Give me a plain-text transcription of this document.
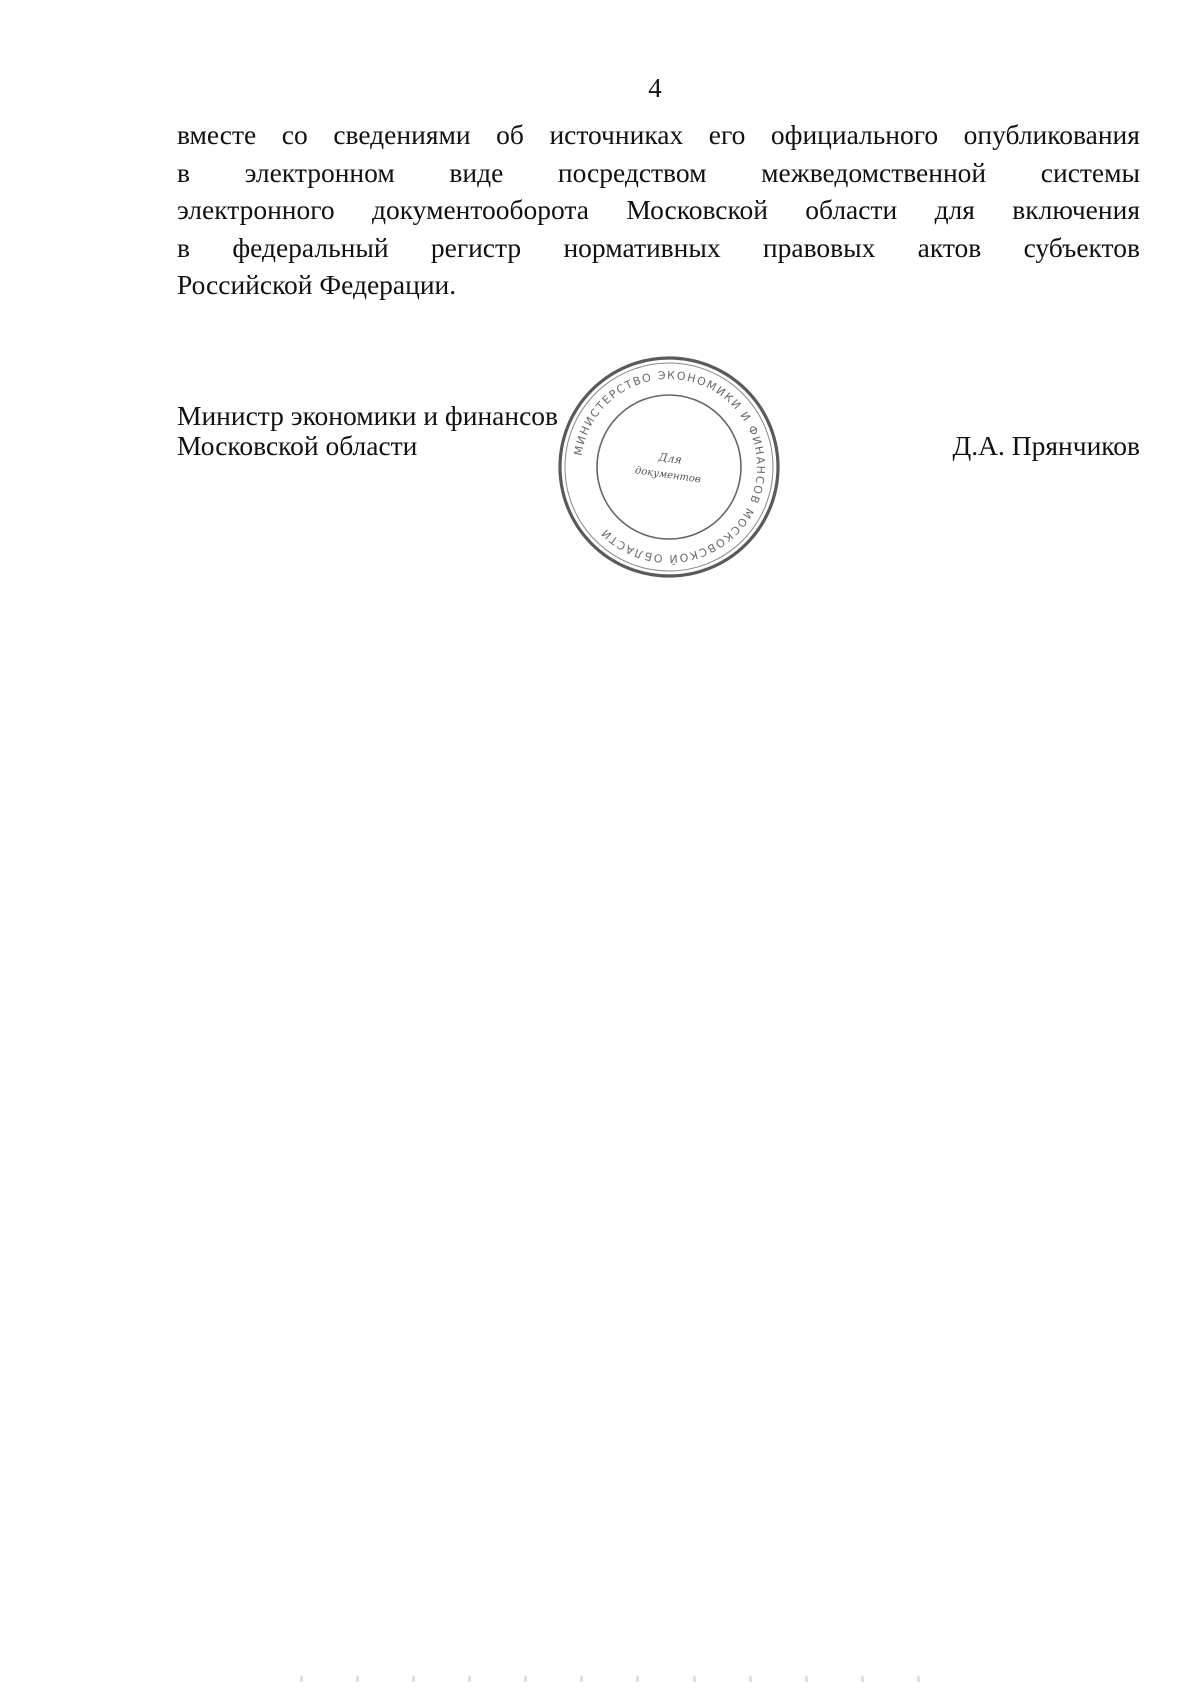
4
вместе со сведениями об источниках его официального опубликования
в электронном виде посредством межведомственной системы
электронного документооборота Московской области для включения
в федеральный регистр нормативных правовых актов субъектов
Российской Федерации.
Министр экономики и финансов
Московской области	Д.А. Прянчиков
МИНИСТЕРСТВО ЭКОНОМИКИ И ФИНАНСОВ МОСКОВСКОЙ ОБЛАСТИ
Для
документов
